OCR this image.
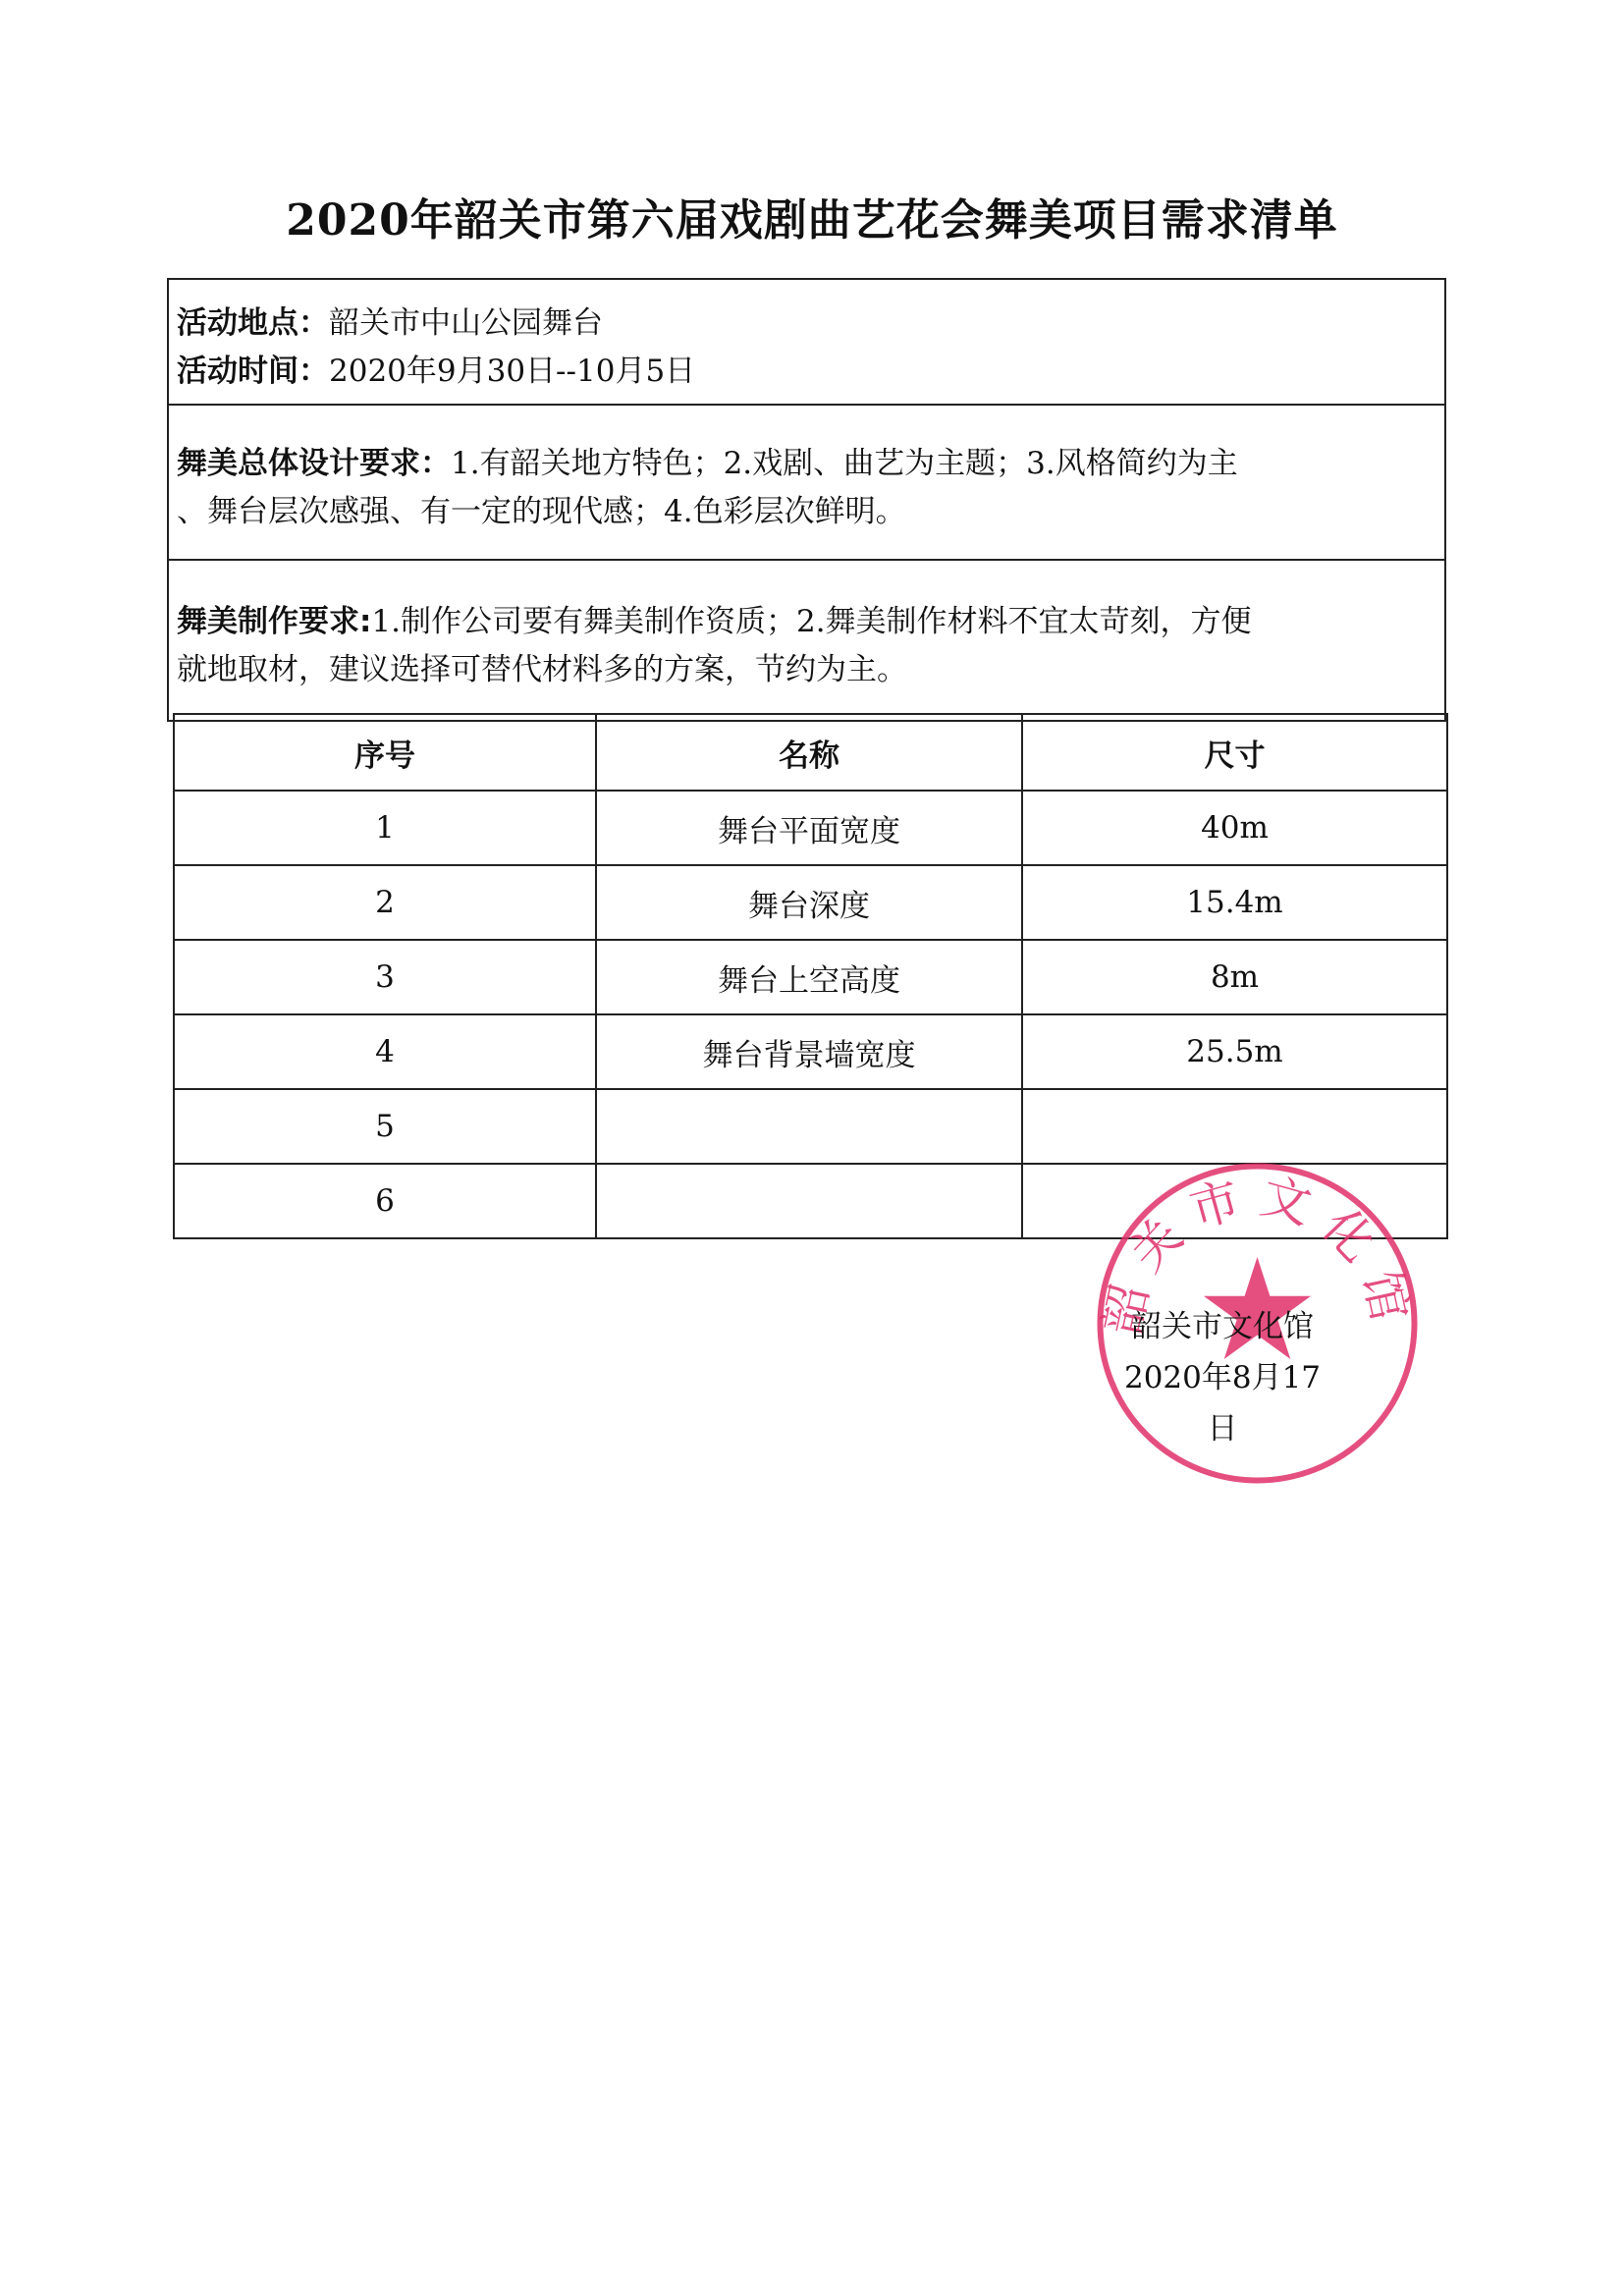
2020年韶关市第六届戏剧曲艺花会舞美项目需求清单
活动地点：韶关市中山公园舞台
活动时间：2020年9月30日--10月5日
舞美总体设计要求：1.有韶关地方特色；2.戏剧、曲艺为主题；3.风格简约为主
、舞台层次感强、有一定的现代感；4.色彩层次鲜明。
舞美制作要求:1.制作公司要有舞美制作资质；2.舞美制作材料不宜太苛刻，方便
就地取材，建议选择可替代材料多的方案，节约为主。
序号	名称	尺寸
1	舞台平面宽度	40m
2	舞台深度	15.4m
3	舞台上空高度	8m
4	舞台背景墙宽度	25.5m
5		
6		
韶关市文化馆
韶关市文化馆
2020年8月17日
